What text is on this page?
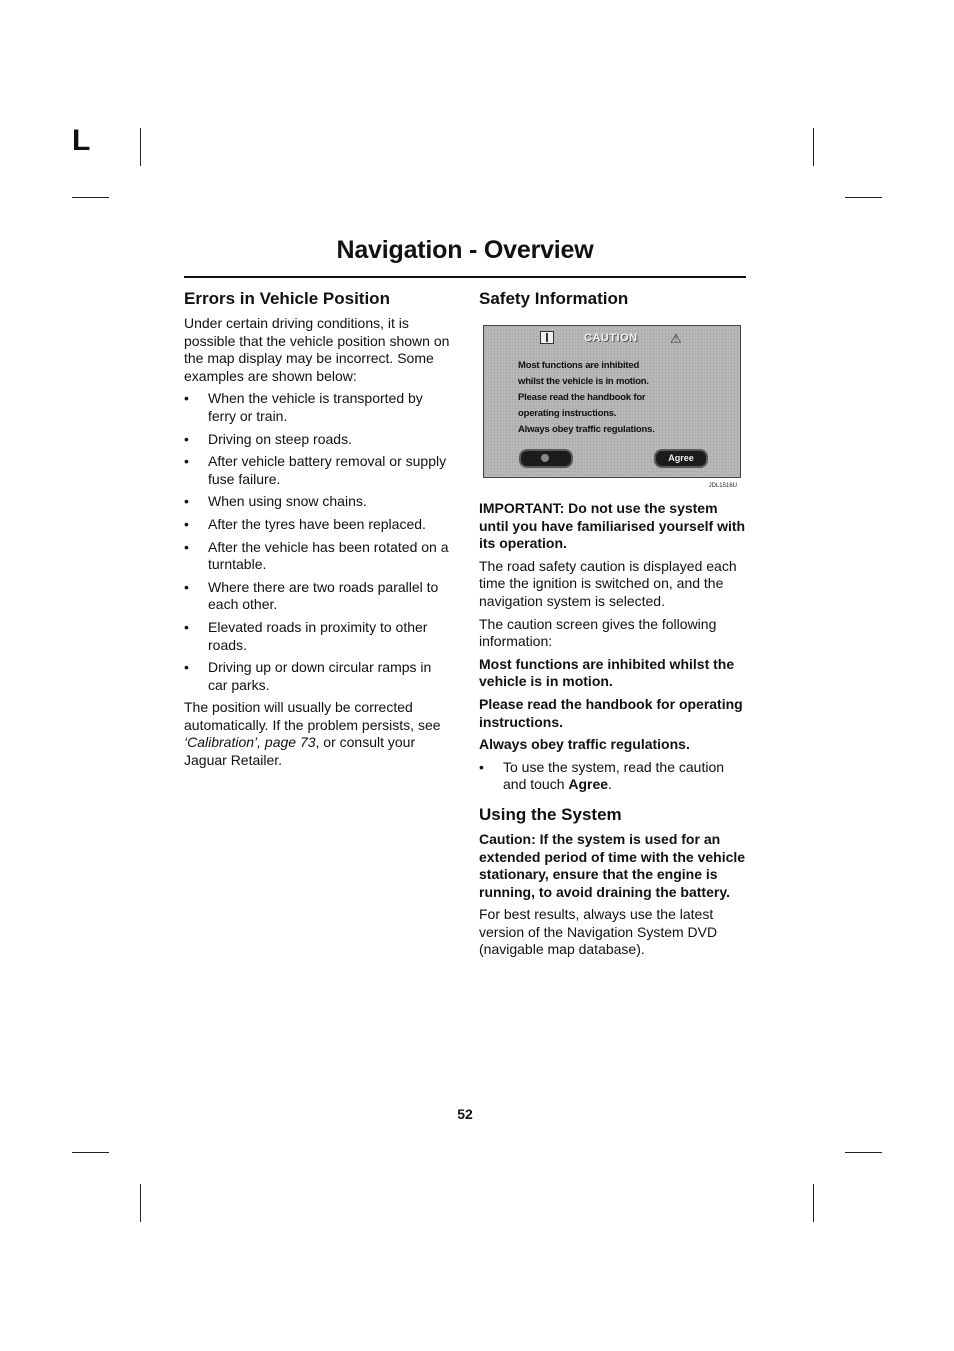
L
Navigation - Overview
Errors in Vehicle Position

Under certain driving conditions, it is possible that the vehicle position shown on the map display may be incorrect. Some examples are shown below:

• When the vehicle is transported by ferry or train.
• Driving on steep roads.
• After vehicle battery removal or supply fuse failure.
• When using snow chains.
• After the tyres have been replaced.
• After the vehicle has been rotated on a turntable.
• Where there are two roads parallel to each other.
• Elevated roads in proximity to other roads.
• Driving up or down circular ramps in car parks.

The position will usually be corrected automatically. If the problem persists, see ‘Calibration’, page 73, or consult your Jaguar Retailer.

Safety Information
CAUTION ⚠
Most functions are inhibited
whilst the vehicle is in motion.
Please read the handbook for
operating instructions.
Always obey traffic regulations.
Agree
JDL1516U

IMPORTANT: Do not use the system until you have familiarised yourself with its operation.

The road safety caution is displayed each time the ignition is switched on, and the navigation system is selected.

The caution screen gives the following information:

Most functions are inhibited whilst the vehicle is in motion.

Please read the handbook for operating instructions.

Always obey traffic regulations.

• To use the system, read the caution and touch Agree.
Using the System

Caution: If the system is used for an extended period of time with the vehicle stationary, ensure that the engine is running, to avoid draining the battery.

For best results, always use the latest version of the Navigation System DVD (navigable map database).

52
